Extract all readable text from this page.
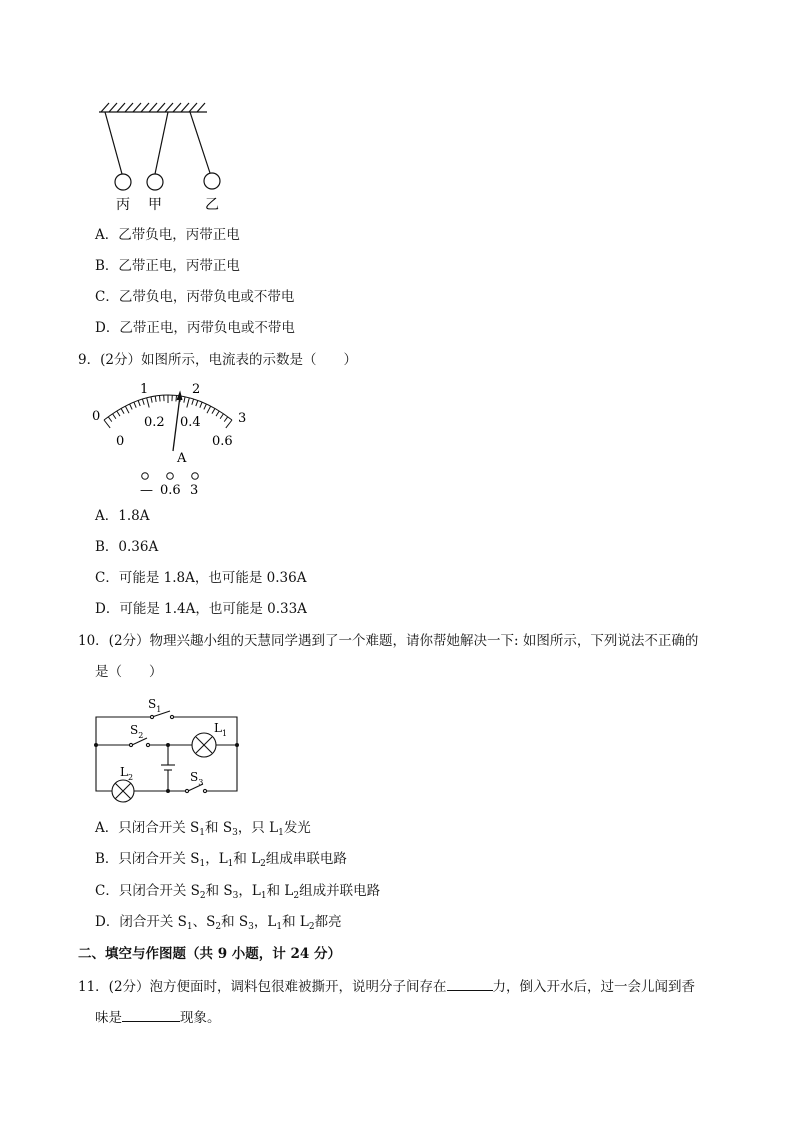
丙 甲	乙
A．乙带负电，丙带正电
B．乙带正电，丙带正电
C．乙带负电，丙带负电或不带电
D．乙带正电，丙带负电或不带电
9．(2分）如图所示，电流表的示数是（　　）
0
1	2
3
0
0.2 0.4
0.6
A
— 0.6 3
A．1.8A
B．0.36A
C．可能是 1.8A，也可能是 0.36A
D．可能是 1.4A，也可能是 0.33A
10．(2分）物理兴趣小组的天慧同学遇到了一个难题，请你帮她解决一下: 如图所示，下列说法不正确的
是（　　）
$S_1$
$S_2$
$L_1$
$L_2$	$S_3$
A．只闭合开关 $S_1$和 $S_3$，只 $L_1$发光
B．只闭合开关 $S_1$，$L_1$和 $L_2$组成串联电路
C．只闭合开关 $S_2$和 $S_3$，$L_1$和 $L_2$组成并联电路
D．闭合开关 $S_1$、$S_2$和 $S_3$，$L_1$和 $L_2$都亮
二、填空与作图题（共 9 小题，计 24 分）
11．(2分）泡方便面时，调料包很难被撕开，说明分子间存在	力，倒入开水后，过一会儿闻到香
味是	现象。
